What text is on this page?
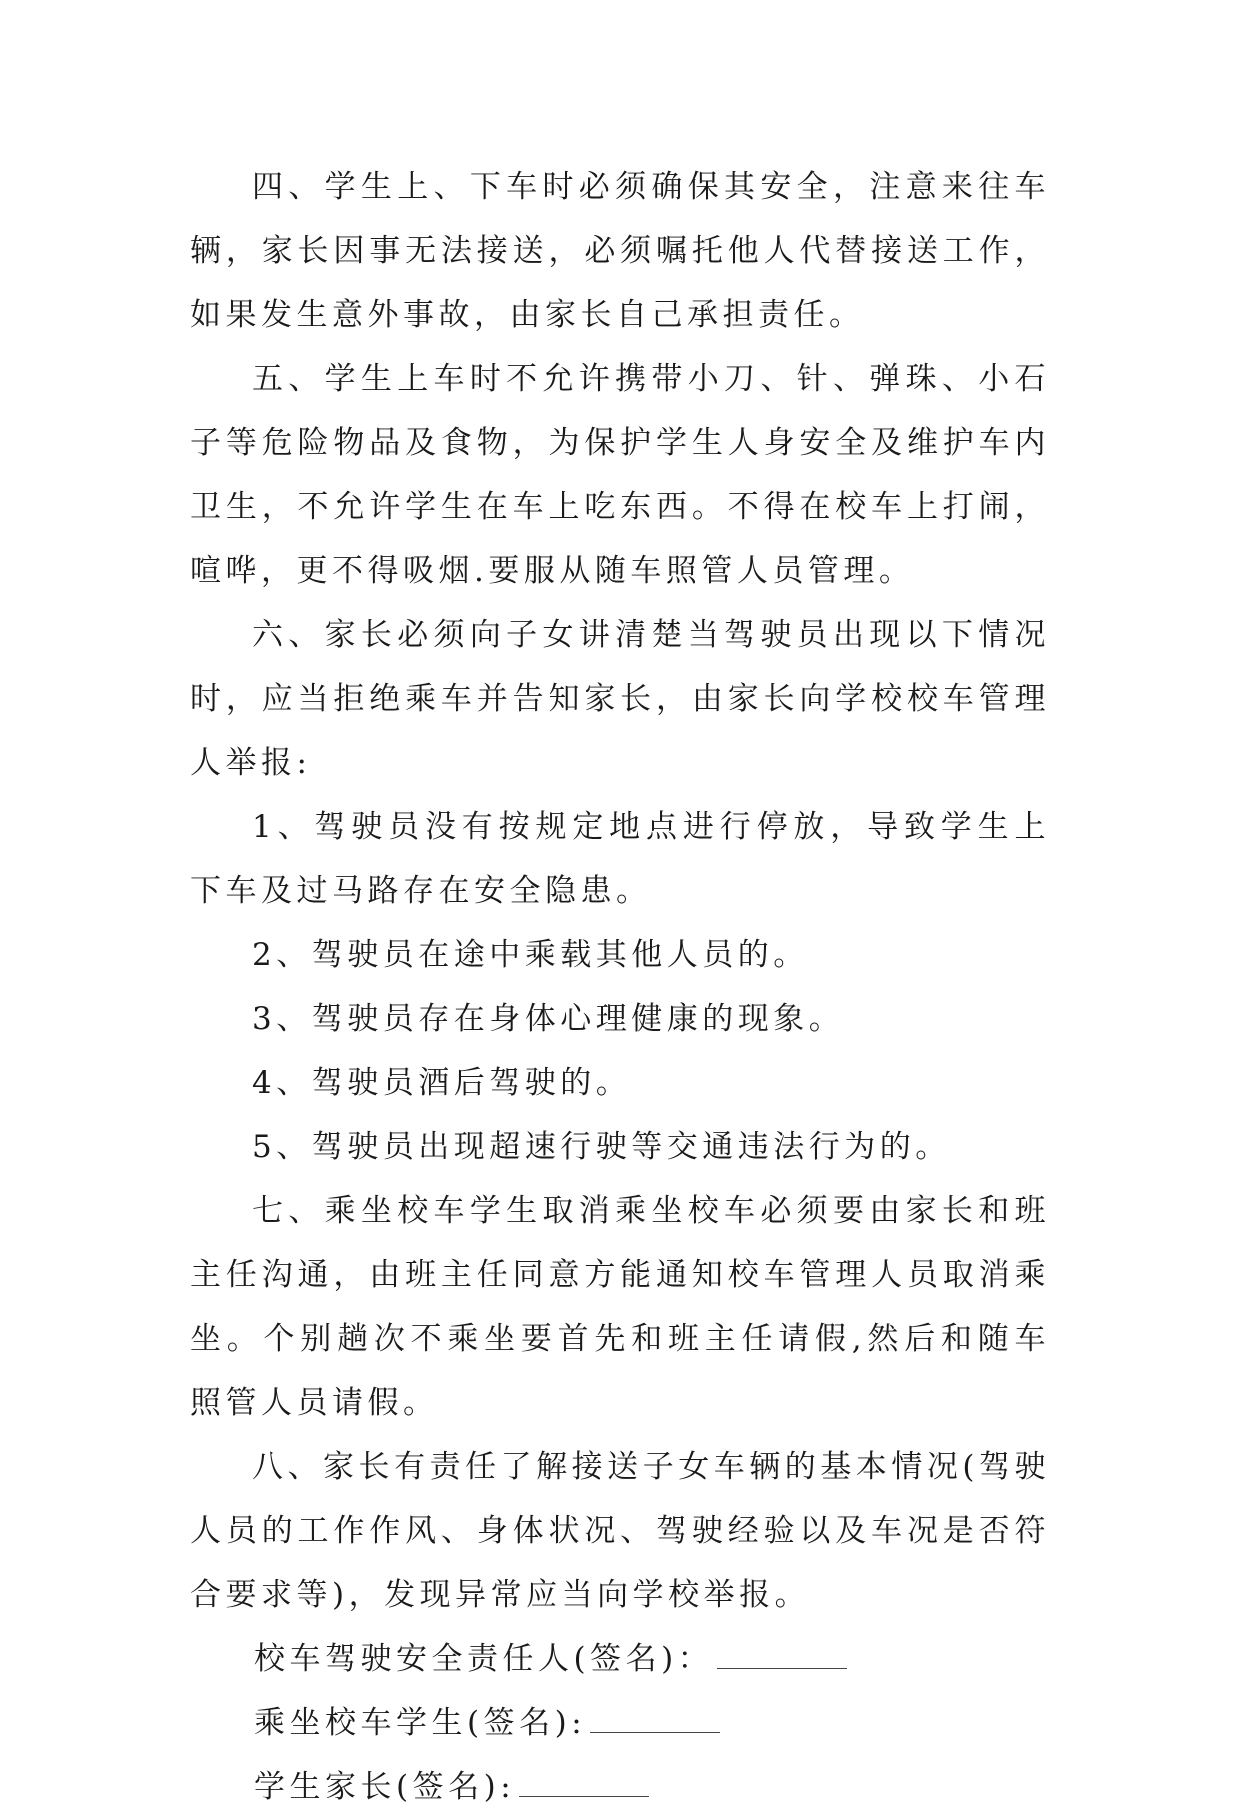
四、学生上、下车时必须确保其安全，注意来往车辆，家长因事无法接送，必须嘱托他人代替接送工作，如果发生意外事故，由家长自己承担责任。

五、学生上车时不允许携带小刀、针、弹珠、小石子等危险物品及食物，为保护学生人身安全及维护车内卫生，不允许学生在车上吃东西。不得在校车上打闹，喧哗，更不得吸烟.要服从随车照管人员管理。

六、家长必须向子女讲清楚当驾驶员出现以下情况时，应当拒绝乘车并告知家长，由家长向学校校车管理人举报:

1、驾驶员没有按规定地点进行停放，导致学生上下车及过马路存在安全隐患。

2、驾驶员在途中乘载其他人员的。

3、驾驶员存在身体心理健康的现象。

4、驾驶员酒后驾驶的。

5、驾驶员出现超速行驶等交通违法行为的。

七、乘坐校车学生取消乘坐校车必须要由家长和班主任沟通，由班主任同意方能通知校车管理人员取消乘坐。个别趟次不乘坐要首先和班主任请假,然后和随车照管人员请假。

八、家长有责任了解接送子女车辆的基本情况(驾驶人员的工作作风、身体状况、驾驶经验以及车况是否符合要求等)，发现异常应当向学校举报。

校车驾驶安全责任人(签名)：

乘坐校车学生(签名):

学生家长(签名):
